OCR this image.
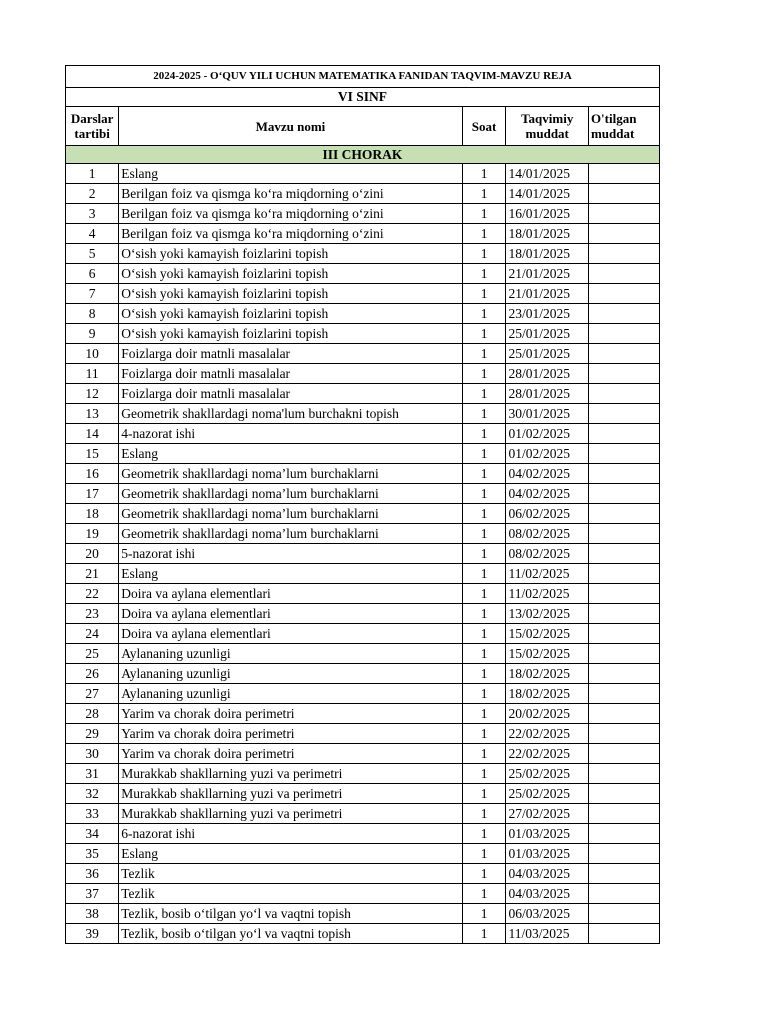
2024-2025 - O‘QUV YILI UCHUN MATEMATIKA FANIDAN TAQVIM-MAVZU REJA				
VI SINF				
Darslar tartibi	Mavzu nomi	Soat	Taqvimiy muddat	O'tilgan muddat
III CHORAK				
1	Eslang	1	14/01/2025	
2	Berilgan foiz va qismga ko‘ra miqdorning o‘zini	1	14/01/2025	
3	Berilgan foiz va qismga ko‘ra miqdorning o‘zini	1	16/01/2025	
4	Berilgan foiz va qismga ko‘ra miqdorning o‘zini	1	18/01/2025	
5	O‘sish yoki kamayish foizlarini topish	1	18/01/2025	
6	O‘sish yoki kamayish foizlarini topish	1	21/01/2025	
7	O‘sish yoki kamayish foizlarini topish	1	21/01/2025	
8	O‘sish yoki kamayish foizlarini topish	1	23/01/2025	
9	O‘sish yoki kamayish foizlarini topish	1	25/01/2025	
10	Foizlarga doir matnli masalalar	1	25/01/2025	
11	Foizlarga doir matnli masalalar	1	28/01/2025	
12	Foizlarga doir matnli masalalar	1	28/01/2025	
13	Geometrik shakllardagi noma'lum burchakni topish	1	30/01/2025	
14	4-nazorat ishi	1	01/02/2025	
15	Eslang	1	01/02/2025	
16	Geometrik shakllardagi noma’lum burchaklarni	1	04/02/2025	
17	Geometrik shakllardagi noma’lum burchaklarni	1	04/02/2025	
18	Geometrik shakllardagi noma’lum burchaklarni	1	06/02/2025	
19	Geometrik shakllardagi noma’lum burchaklarni	1	08/02/2025	
20	5-nazorat ishi	1	08/02/2025	
21	Eslang	1	11/02/2025	
22	Doira va aylana elementlari	1	11/02/2025	
23	Doira va aylana elementlari	1	13/02/2025	
24	Doira va aylana elementlari	1	15/02/2025	
25	Aylananing uzunligi	1	15/02/2025	
26	Aylananing uzunligi	1	18/02/2025	
27	Aylananing uzunligi	1	18/02/2025	
28	Yarim va chorak doira perimetri	1	20/02/2025	
29	Yarim va chorak doira perimetri	1	22/02/2025	
30	Yarim va chorak doira perimetri	1	22/02/2025	
31	Murakkab shakllarning yuzi va perimetri	1	25/02/2025	
32	Murakkab shakllarning yuzi va perimetri	1	25/02/2025	
33	Murakkab shakllarning yuzi va perimetri	1	27/02/2025	
34	6-nazorat ishi	1	01/03/2025	
35	Eslang	1	01/03/2025	
36	Tezlik	1	04/03/2025	
37	Tezlik	1	04/03/2025	
38	Tezlik, bosib o‘tilgan yo‘l va vaqtni topish	1	06/03/2025	
39	Tezlik, bosib o‘tilgan yo‘l va vaqtni topish	1	11/03/2025	
